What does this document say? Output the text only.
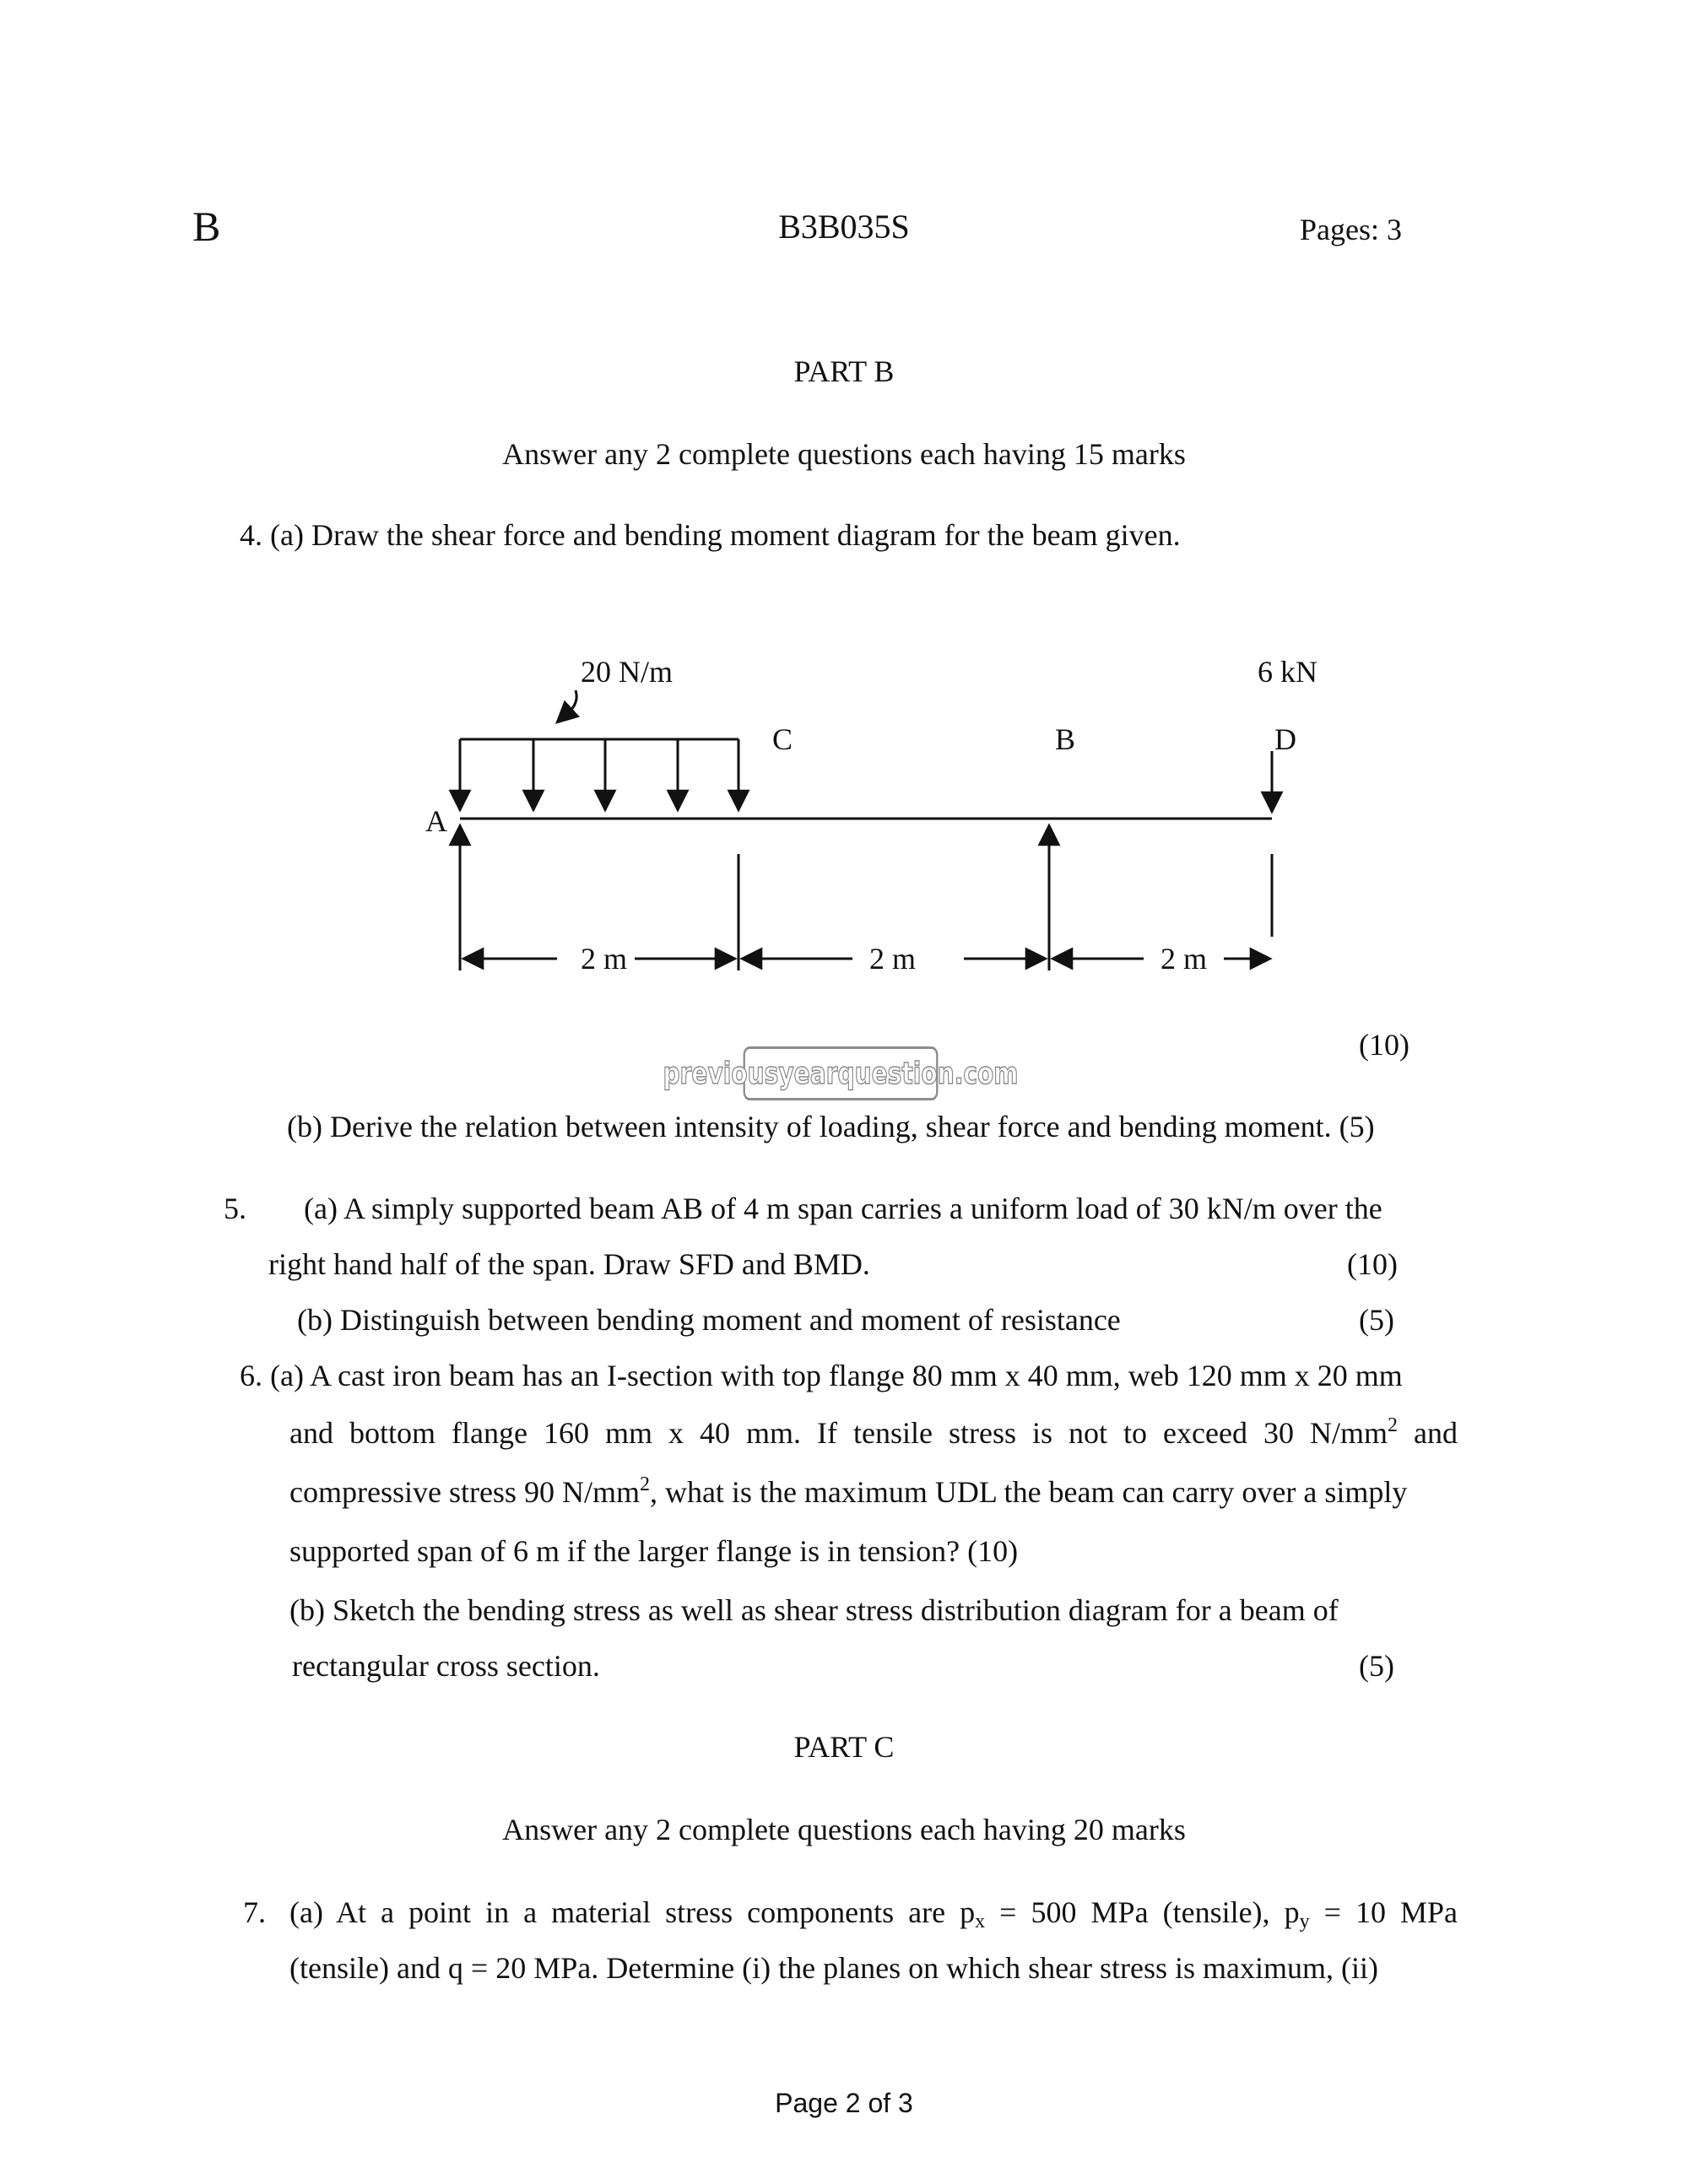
B	B3B035S	Pages: 3
PART B
Answer any 2 complete questions each having 15 marks
4. (a) Draw the shear force and bending moment diagram for the beam given.
20 N/m	6 kN
C	B	D
A
2 m	2 m	2 m
(10)
previousyearquestion.com
(b) Derive the relation between intensity of loading, shear force and bending moment. (5)
5. (a) A simply supported beam AB of 4 m span carries a uniform load of 30 kN/m over the
right hand half of the span. Draw SFD and BMD.	(10)
(b) Distinguish between bending moment and moment of resistance	(5)
6. (a) A cast iron beam has an I-section with top flange 80 mm x 40 mm, web 120 mm x 20 mm
and bottom flange 160 mm x 40 mm. If tensile stress is not to exceed 30 $N/mm^2$ and
compressive stress 90 $N/mm^2$, what is the maximum UDL the beam can carry over a simply
supported span of 6 m if the larger flange is in tension? (10)
(b) Sketch the bending stress as well as shear stress distribution diagram for a beam of
rectangular cross section.	(5)
PART C
Answer any 2 complete questions each having 20 marks
7. (a) At a point in a material stress components are $p_x = 500$ MPa (tensile), $p_y = 10$ MPa
(tensile) and q = 20 MPa. Determine (i) the planes on which shear stress is maximum, (ii)
Page 2 of 3
